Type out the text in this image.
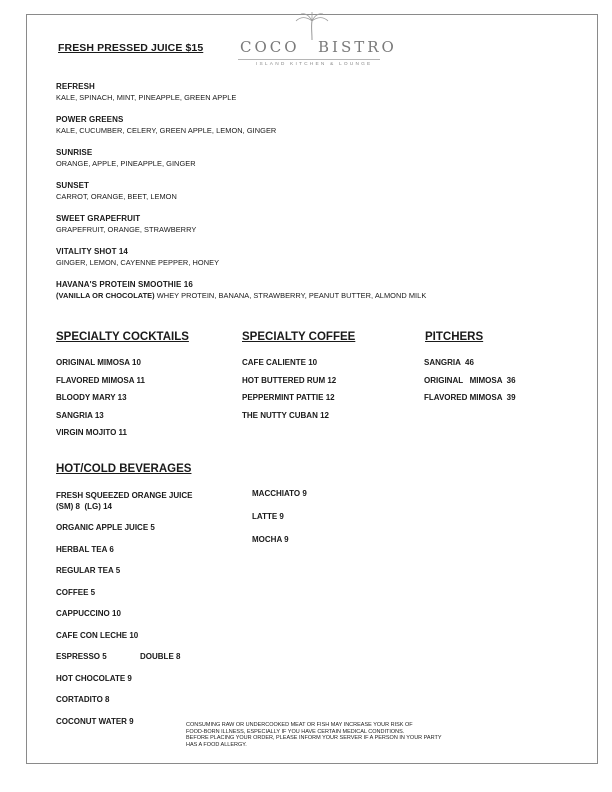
FRESH PRESSED JUICE $15 COCO BISTRO
ISLAND KITCHEN & LOUNGE
REFRESH
KALE, SPINACH, MINT, PINEAPPLE, GREEN APPLE
POWER GREENS
KALE, CUCUMBER, CELERY, GREEN APPLE, LEMON, GINGER
SUNRISE
ORANGE, APPLE, PINEAPPLE, GINGER
SUNSET
CARROT, ORANGE, BEET, LEMON
SWEET GRAPEFRUIT
GRAPEFRUIT, ORANGE, STRAWBERRY
VITALITY SHOT 14
GINGER, LEMON, CAYENNE PEPPER, HONEY
HAVANA'S PROTEIN SMOOTHIE 16
(VANILLA OR CHOCOLATE) WHEY PROTEIN, BANANA, STRAWBERRY, PEANUT BUTTER, ALMOND MILK
SPECIALTY COCKTAILS
ORIGINAL MIMOSA 10
FLAVORED MIMOSA 11
BLOODY MARY 13
SANGRIA 13
VIRGIN MOJITO 11
SPECIALTY COFFEE
CAFE CALIENTE 10
HOT BUTTERED RUM 12
PEPPERMINT PATTIE 12
THE NUTTY CUBAN 12
PITCHERS
SANGRIA  46
ORIGINAL   MIMOSA  36
FLAVORED MIMOSA  39
HOT/COLD BEVERAGES
FRESH SQUEEZED ORANGE JUICE
(SM) 8  (LG) 14
ORGANIC APPLE JUICE 5
HERBAL TEA 6
REGULAR TEA 5
COFFEE 5
CAPPUCCINO 10
CAFE CON LECHE 10
ESPRESSO 5	DOUBLE 8
HOT CHOCOLATE 9
CORTADITO 8
COCONUT WATER 9
MACCHIATO 9
LATTE 9
MOCHA 9
CONSUMING RAW OR UNDERCOOKED MEAT OR FISH MAY INCREASE YOUR RISK OF
FOOD-BORN ILLNESS, ESPECIALLY IF YOU HAVE CERTAIN MEDICAL CONDITIONS.
BEFORE PLACING YOUR ORDER, PLEASE INFORM YOUR SERVER IF A PERSON IN YOUR PARTY
HAS A FOOD ALLERGY.
